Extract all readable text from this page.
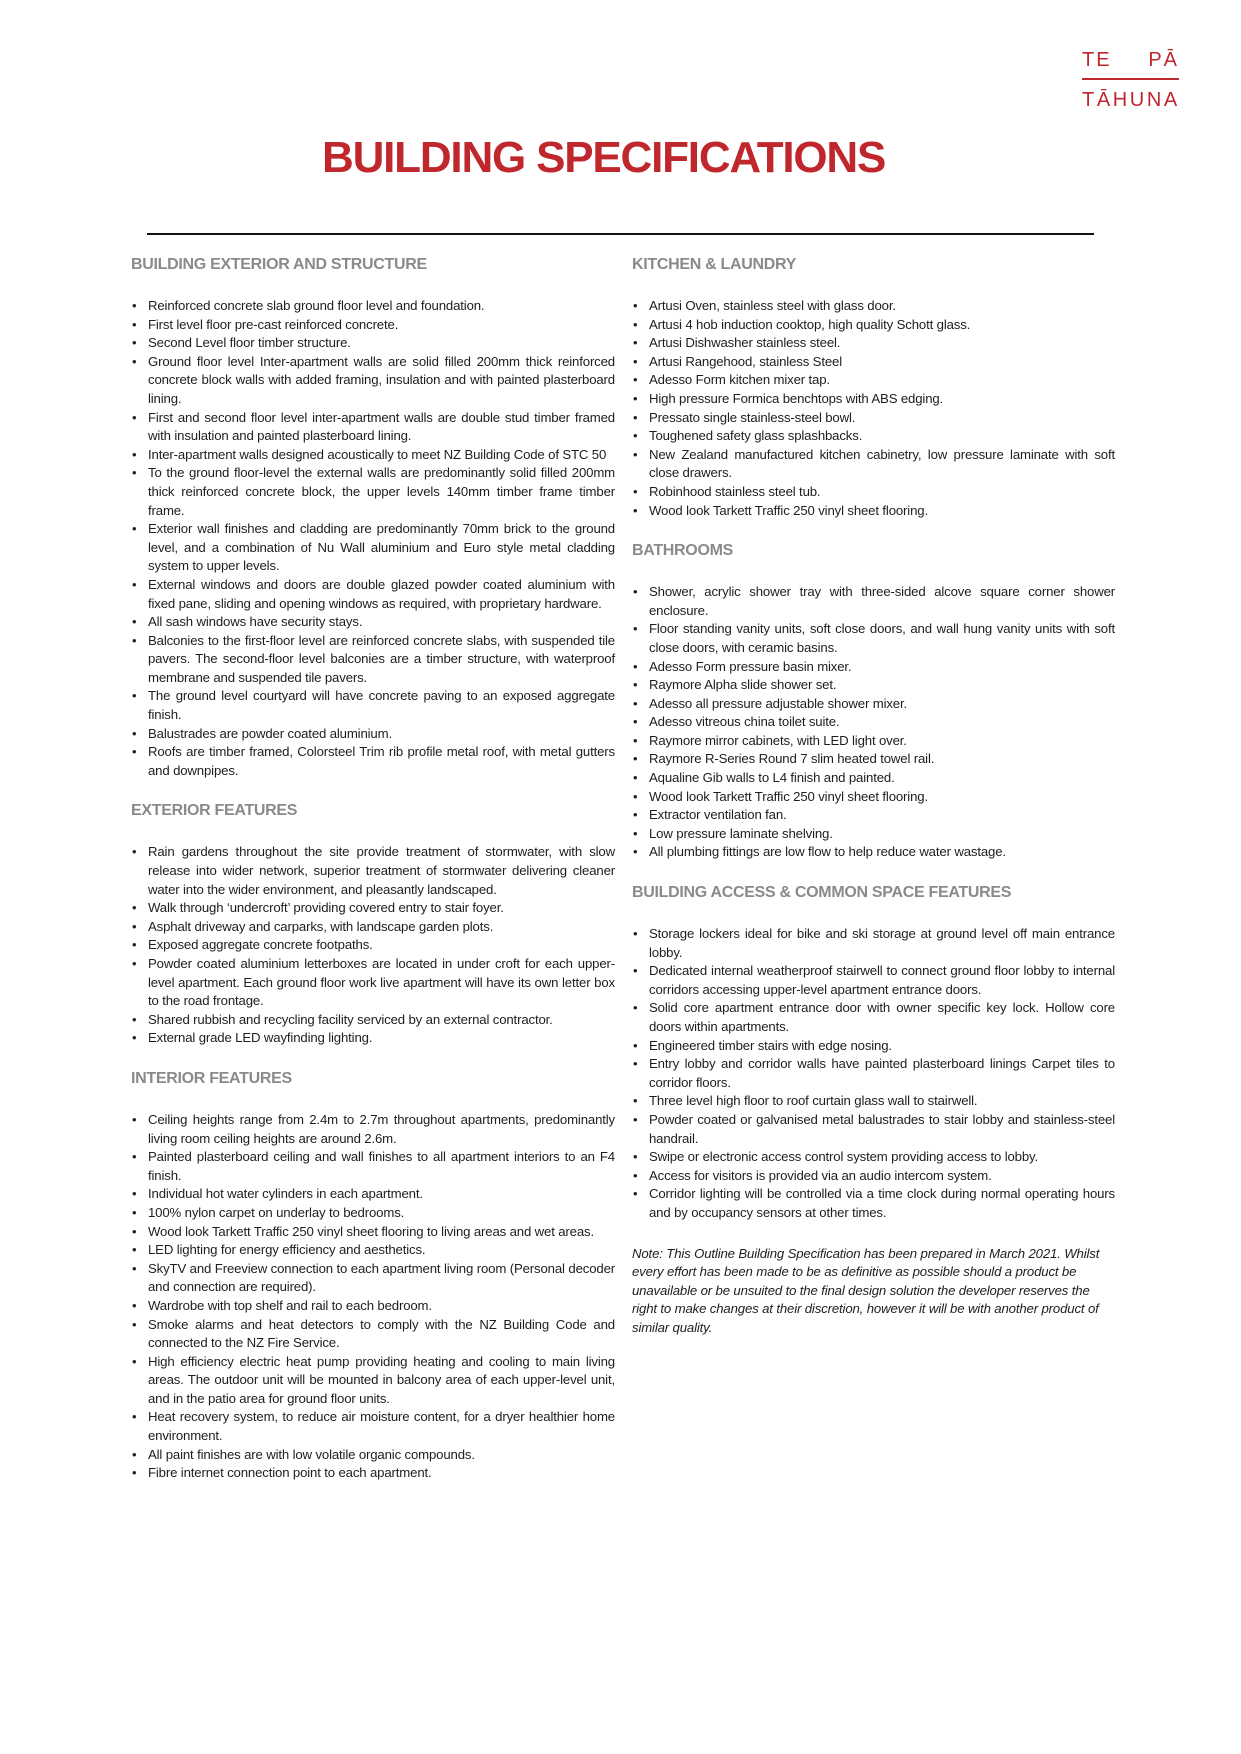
TE PĀ
TĀHUNA
BUILDING SPECIFICATIONS
BUILDING EXTERIOR AND STRUCTURE
• Reinforced concrete slab ground floor level and foundation.
• First level floor pre-cast reinforced concrete.
• Second Level floor timber structure.
• Ground floor level Inter-apartment walls are solid filled 200mm thick reinforced concrete block walls with added framing, insulation and with painted plasterboard lining.
• First and second floor level inter-apartment walls are double stud timber framed with insulation and painted plasterboard lining.
• Inter-apartment walls designed acoustically to meet NZ Building Code of STC 50
• To the ground floor-level the external walls are predominantly solid filled 200mm thick reinforced concrete block, the upper levels 140mm timber frame timber frame.
• Exterior wall finishes and cladding are predominantly 70mm brick to the ground level, and a combination of Nu Wall aluminium and Euro style metal cladding system to upper levels.
• External windows and doors are double glazed powder coated aluminium with fixed pane, sliding and opening windows as required, with proprietary hardware.
• All sash windows have security stays.
• Balconies to the first-floor level are reinforced concrete slabs, with suspended tile pavers. The second-floor level balconies are a timber structure, with waterproof membrane and suspended tile pavers.
• The ground level courtyard will have concrete paving to an exposed aggregate finish.
• Balustrades are powder coated aluminium.
• Roofs are timber framed, Colorsteel Trim rib profile metal roof, with metal gutters and downpipes.
EXTERIOR FEATURES
• Rain gardens throughout the site provide treatment of stormwater, with slow release into wider network, superior treatment of stormwater delivering cleaner water into the wider environment, and pleasantly landscaped.
• Walk through ‘undercroft’ providing covered entry to stair foyer.
• Asphalt driveway and carparks, with landscape garden plots.
• Exposed aggregate concrete footpaths.
• Powder coated aluminium letterboxes are located in under croft for each upper-level apartment. Each ground floor work live apartment will have its own letter box to the road frontage.
• Shared rubbish and recycling facility serviced by an external contractor.
• External grade LED wayfinding lighting.
INTERIOR FEATURES
• Ceiling heights range from 2.4m to 2.7m throughout apartments, predominantly living room ceiling heights are around 2.6m.
• Painted plasterboard ceiling and wall finishes to all apartment interiors to an F4 finish.
• Individual hot water cylinders in each apartment.
• 100% nylon carpet on underlay to bedrooms.
• Wood look Tarkett Traffic 250 vinyl sheet flooring to living areas and wet areas.
• LED lighting for energy efficiency and aesthetics.
• SkyTV and Freeview connection to each apartment living room (Personal decoder and connection are required).
• Wardrobe with top shelf and rail to each bedroom.
• Smoke alarms and heat detectors to comply with the NZ Building Code and connected to the NZ Fire Service.
• High efficiency electric heat pump providing heating and cooling to main living areas. The outdoor unit will be mounted in balcony area of each upper-level unit, and in the patio area for ground floor units.
• Heat recovery system, to reduce air moisture content, for a dryer healthier home environment.
• All paint finishes are with low volatile organic compounds.
• Fibre internet connection point to each apartment.
KITCHEN & LAUNDRY
• Artusi Oven, stainless steel with glass door.
• Artusi 4 hob induction cooktop, high quality Schott glass.
• Artusi Dishwasher stainless steel.
• Artusi Rangehood, stainless Steel
• Adesso Form kitchen mixer tap.
• High pressure Formica benchtops with ABS edging.
• Pressato single stainless-steel bowl.
• Toughened safety glass splashbacks.
• New Zealand manufactured kitchen cabinetry, low pressure laminate with soft close drawers.
• Robinhood stainless steel tub.
• Wood look Tarkett Traffic 250 vinyl sheet flooring.
BATHROOMS
• Shower, acrylic shower tray with three-sided alcove square corner shower enclosure.
• Floor standing vanity units, soft close doors, and wall hung vanity units with soft close doors, with ceramic basins.
• Adesso Form pressure basin mixer.
• Raymore Alpha slide shower set.
• Adesso all pressure adjustable shower mixer.
• Adesso vitreous china toilet suite.
• Raymore mirror cabinets, with LED light over.
• Raymore R-Series Round 7 slim heated towel rail.
• Aqualine Gib walls to L4 finish and painted.
• Wood look Tarkett Traffic 250 vinyl sheet flooring.
• Extractor ventilation fan.
• Low pressure laminate shelving.
• All plumbing fittings are low flow to help reduce water wastage.
BUILDING ACCESS & COMMON SPACE FEATURES
• Storage lockers ideal for bike and ski storage at ground level off main entrance lobby.
• Dedicated internal weatherproof stairwell to connect ground floor lobby to internal corridors accessing upper-level apartment entrance doors.
• Solid core apartment entrance door with owner specific key lock. Hollow core doors within apartments.
• Engineered timber stairs with edge nosing.
• Entry lobby and corridor walls have painted plasterboard linings Carpet tiles to corridor floors.
• Three level high floor to roof curtain glass wall to stairwell.
• Powder coated or galvanised metal balustrades to stair lobby and stainless-steel handrail.
• Swipe or electronic access control system providing access to lobby.
• Access for visitors is provided via an audio intercom system.
• Corridor lighting will be controlled via a time clock during normal operating hours and by occupancy sensors at other times.

Note: This Outline Building Specification has been prepared in March 2021. Whilst every effort has been made to be as definitive as possible should a product be unavailable or be unsuited to the final design solution the developer reserves the right to make changes at their discretion, however it will be with another product of similar quality.
